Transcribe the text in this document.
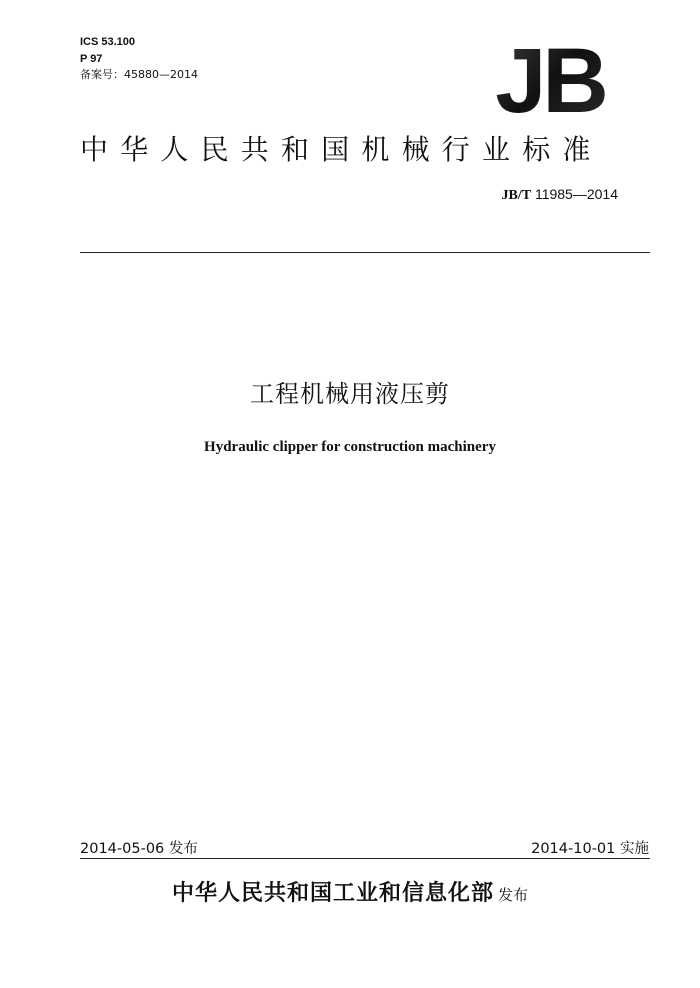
ICS 53.100
P 97
备案号：45880—2014	JB
中华人民共和国机械行业标准
JB/T 11985—2014
工程机械用液压剪
Hydraulic clipper for construction machinery
2014-05-06 发布	2014-10-01 实施
中华人民共和国工业和信息化部 发布
